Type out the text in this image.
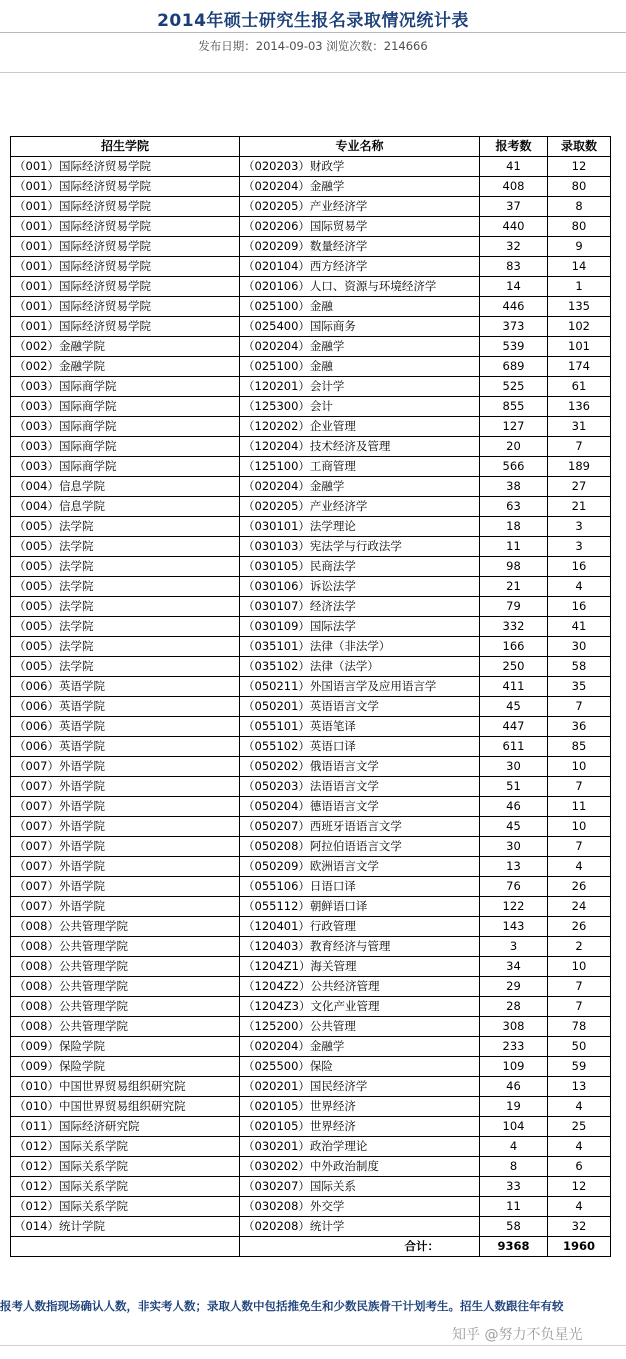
2014年硕士研究生报名录取情况统计表
发布日期：2014-09-03 浏览次数：214666
招生学院	专业名称	报考数	录取数
（001）国际经济贸易学院	（020203）财政学	41	12
（001）国际经济贸易学院	（020204）金融学	408	80
（001）国际经济贸易学院	（020205）产业经济学	37	8
（001）国际经济贸易学院	（020206）国际贸易学	440	80
（001）国际经济贸易学院	（020209）数量经济学	32	9
（001）国际经济贸易学院	（020104）西方经济学	83	14
（001）国际经济贸易学院	（020106）人口、资源与环境经济学	14	1
（001）国际经济贸易学院	（025100）金融	446	135
（001）国际经济贸易学院	（025400）国际商务	373	102
（002）金融学院	（020204）金融学	539	101
（002）金融学院	（025100）金融	689	174
（003）国际商学院	（120201）会计学	525	61
（003）国际商学院	（125300）会计	855	136
（003）国际商学院	（120202）企业管理	127	31
（003）国际商学院	（120204）技术经济及管理	20	7
（003）国际商学院	（125100）工商管理	566	189
（004）信息学院	（020204）金融学	38	27
（004）信息学院	（020205）产业经济学	63	21
（005）法学院	（030101）法学理论	18	3
（005）法学院	（030103）宪法学与行政法学	11	3
（005）法学院	（030105）民商法学	98	16
（005）法学院	（030106）诉讼法学	21	4
（005）法学院	（030107）经济法学	79	16
（005）法学院	（030109）国际法学	332	41
（005）法学院	（035101）法律（非法学）	166	30
（005）法学院	（035102）法律（法学）	250	58
（006）英语学院	（050211）外国语言学及应用语言学	411	35
（006）英语学院	（050201）英语语言文学	45	7
（006）英语学院	（055101）英语笔译	447	36
（006）英语学院	（055102）英语口译	611	85
（007）外语学院	（050202）俄语语言文学	30	10
（007）外语学院	（050203）法语语言文学	51	7
（007）外语学院	（050204）德语语言文学	46	11
（007）外语学院	（050207）西班牙语语言文学	45	10
（007）外语学院	（050208）阿拉伯语语言文学	30	7
（007）外语学院	（050209）欧洲语言文学	13	4
（007）外语学院	（055106）日语口译	76	26
（007）外语学院	（055112）朝鲜语口译	122	24
（008）公共管理学院	（120401）行政管理	143	26
（008）公共管理学院	（120403）教育经济与管理	3	2
（008）公共管理学院	（1204Z1）海关管理	34	10
（008）公共管理学院	（1204Z2）公共经济管理	29	7
（008）公共管理学院	（1204Z3）文化产业管理	28	7
（008）公共管理学院	（125200）公共管理	308	78
（009）保险学院	（020204）金融学	233	50
（009）保险学院	（025500）保险	109	59
（010）中国世界贸易组织研究院	（020201）国民经济学	46	13
（010）中国世界贸易组织研究院	（020105）世界经济	19	4
（011）国际经济研究院	（020105）世界经济	104	25
（012）国际关系学院	（030201）政治学理论	4	4
（012）国际关系学院	（030202）中外政治制度	8	6
（012）国际关系学院	（030207）国际关系	33	12
（012）国际关系学院	（030208）外交学	11	4
（014）统计学院	（020208）统计学	58	32
	合计：	9368	1960
报考人数指现场确认人数，非实考人数；录取人数中包括推免生和少数民族骨干计划考生。招生人数跟往年有较
知乎 @努力不负星光
